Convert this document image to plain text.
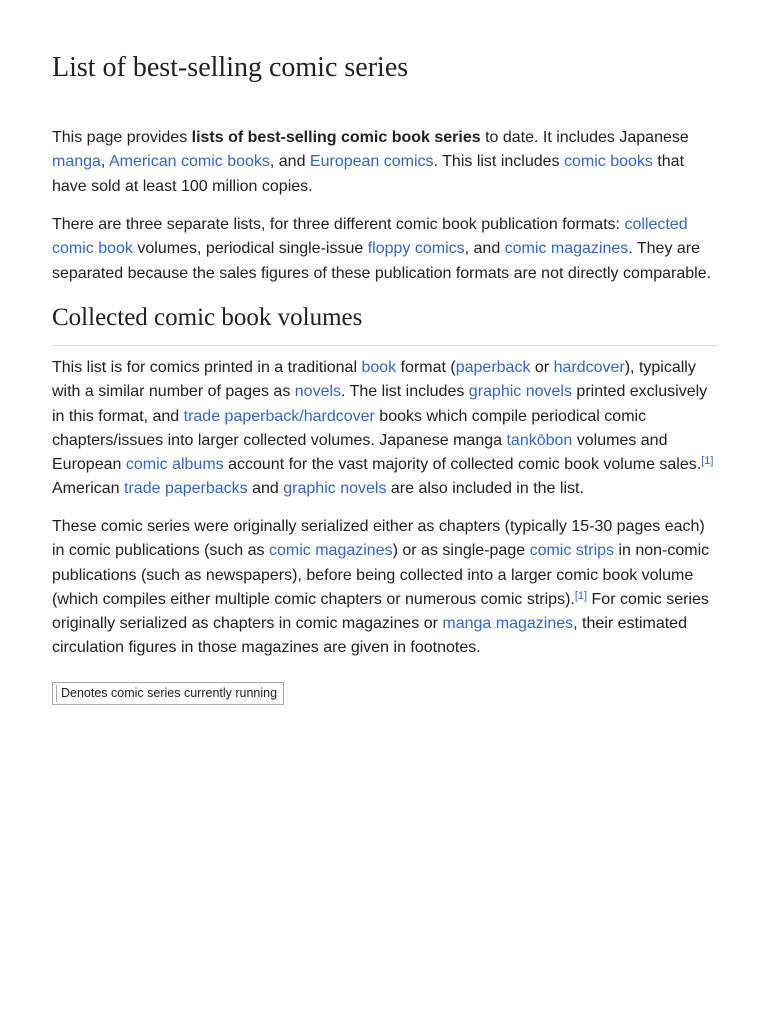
List of best-selling comic series

This page provides lists of best-selling comic book series to date. It includes Japanese manga, American comic books, and European comics. This list includes comic books that have sold at least 100 million copies.

There are three separate lists, for three different comic book publication formats: collected comic book volumes, periodical single-issue floppy comics, and comic magazines. They are separated because the sales figures of these publication formats are not directly comparable.

Collected comic book volumes

This list is for comics printed in a traditional book format (paperback or hardcover), typically with a similar number of pages as novels. The list includes graphic novels printed exclusively in this format, and trade paperback/hardcover books which compile periodical comic chapters/issues into larger collected volumes. Japanese manga tankōbon volumes and European comic albums account for the vast majority of collected comic book volume sales.[1] American trade paperbacks and graphic novels are also included in the list.

These comic series were originally serialized either as chapters (typically 15-30 pages each) in comic publications (such as comic magazines) or as single-page comic strips in non-comic publications (such as newspapers), before being collected into a larger comic book volume (which compiles either multiple comic chapters or numerous comic strips).[1] For comic series originally serialized as chapters in comic magazines or manga magazines, their estimated circulation figures in those magazines are given in footnotes.

Denotes comic series currently running
